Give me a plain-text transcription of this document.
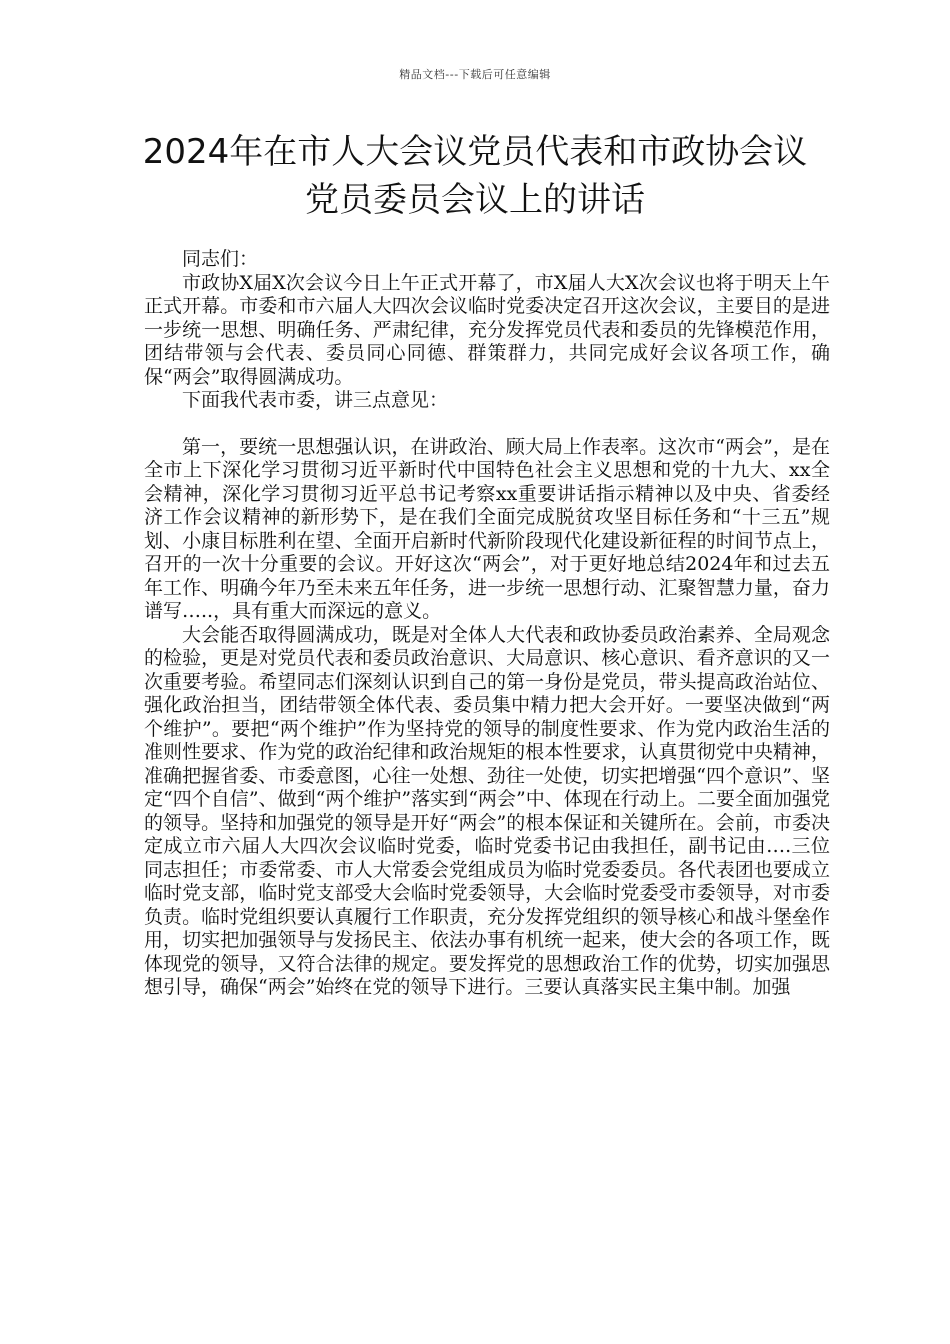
精品文档---下载后可任意编辑
2024年在市人大会议党员代表和市政协会议党员委员会议上的讲话

同志们：

市政协X届X次会议今日上午正式开幕了，市X届人大X次会议也将于明天上午正式开幕。市委和市六届人大四次会议临时党委决定召开这次会议，主要目的是进一步统一思想、明确任务、严肃纪律，充分发挥党员代表和委员的先锋模范作用，团结带领与会代表、委员同心同德、群策群力，共同完成好会议各项工作，确保“两会”取得圆满成功。

下面我代表市委，讲三点意见：

第一，要统一思想强认识，在讲政治、顾大局上作表率。这次市“两会”，是在全市上下深化学习贯彻习近平新时代中国特色社会主义思想和党的十九大、xx全会精神，深化学习贯彻习近平总书记考察xx重要讲话指示精神以及中央、省委经济工作会议精神的新形势下，是在我们全面完成脱贫攻坚目标任务和“十三五”规划、小康目标胜利在望、全面开启新时代新阶段现代化建设新征程的时间节点上，召开的一次十分重要的会议。开好这次“两会”，对于更好地总结2024年和过去五年工作、明确今年乃至未来五年任务，进一步统一思想行动、汇聚智慧力量，奋力谱写…..，具有重大而深远的意义。

大会能否取得圆满成功，既是对全体人大代表和政协委员政治素养、全局观念的检验，更是对党员代表和委员政治意识、大局意识、核心意识、看齐意识的又一次重要考验。希望同志们深刻认识到自己的第一身份是党员，带头提高政治站位、强化政治担当，团结带领全体代表、委员集中精力把大会开好。一要坚决做到“两个维护”。要把“两个维护”作为坚持党的领导的制度性要求、作为党内政治生活的准则性要求、作为党的政治纪律和政治规矩的根本性要求，认真贯彻党中央精神，准确把握省委、市委意图，心往一处想、劲往一处使，切实把增强“四个意识”、坚定“四个自信”、做到“两个维护”落实到“两会”中、体现在行动上。二要全面加强党的领导。坚持和加强党的领导是开好“两会”的根本保证和关键所在。会前，市委决定成立市六届人大四次会议临时党委，临时党委书记由我担任，副书记由….三位同志担任；市委常委、市人大常委会党组成员为临时党委委员。各代表团也要成立临时党支部，临时党支部受大会临时党委领导，大会临时党委受市委领导，对市委负责。临时党组织要认真履行工作职责，充分发挥党组织的领导核心和战斗堡垒作用，切实把加强领导与发扬民主、依法办事有机统一起来，使大会的各项工作，既体现党的领导，又符合法律的规定。要发挥党的思想政治工作的优势，切实加强思想引导，确保“两会”始终在党的领导下进行。三要认真落实民主集中制。加强
